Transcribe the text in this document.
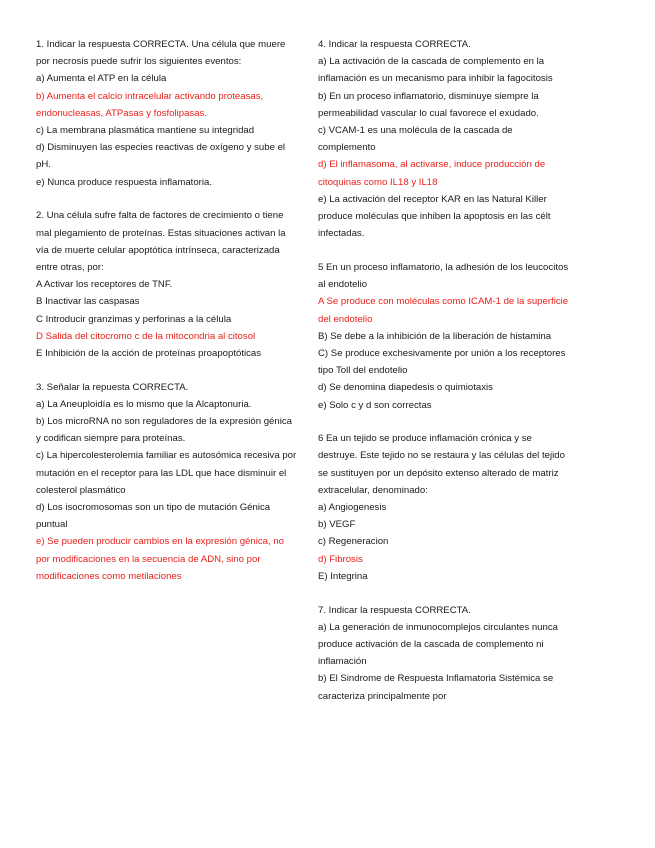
1. Indicar la respuesta CORRECTA. Una célula que muere por necrosis puede sufrir los siguientes eventos:

a) Aumenta el ATP en la célula

b) Aumenta el calcio intracelular activando proteasas, endonucleasas, ATPasas y fosfolipasas.

c) La membrana plasmática mantiene su integridad

d) Disminuyen las especies reactivas de oxígeno y sube el pH.

e) Nunca produce respuesta inflamatoria.

2. Una célula sufre falta de factores de crecimiento o tiene mal plegamiento de proteínas. Estas situaciones activan la vía de muerte celular apoptótica intrínseca, caracterizada entre otras, por:

A Activar los receptores de TNF.

B Inactivar las caspasas

C Introducir granzimas y perforinas a la célula

D Salida del citocromo c de la mitocondria al citosol

E Inhibición de la acción de proteínas proapoptóticas

3. Señalar la repuesta CORRECTA.

a) La Aneuploidía es lo mismo que la Alcaptonuria.

b) Los microRNA no son reguladores de la expresión génica y codifican siempre para proteínas.

c) La hipercolesterolemia familiar es autosómica recesiva por mutación en el receptor para las LDL que hace disminuir el colesterol plasmático

d) Los isocromosomas son un tipo de mutación Génica puntual

e) Se pueden producir cambios en la expresión génica, no por modificaciones en la secuencia de ADN, sino por modificaciones como metilaciones

4. Indicar la respuesta CORRECTA.

a) La activación de la cascada de complemento en la inflamación es un mecanismo para inhibir la fagocitosis

b) En un proceso inflamatorio, disminuye siempre la permeabilidad vascular lo cual favorece el exudado.

c) VCAM-1 es una molécula de la cascada de complemento

d) El inflamasoma, al activarse, induce producción de citoquinas como IL18 y IL18

e) La activación del receptor KAR en las Natural Killer produce moléculas que inhiben la apoptosis en las célt infectadas.

5 En un proceso inflamatorio, la adhesión de los leucocitos al endotelio

A Se produce con moléculas como ICAM-1 de la superficie del endotelio

B) Se debe a la inhibición de la liberación de histamina

C) Se produce exchesivamente por unión a los receptores

tipo Toll del endotelio

d) Se denomina diapedesis o quimiotaxis

e) Solo c y d son correctas

6 Ea un tejido se produce inflamación crónica y se destruye. Este tejido no se restaura y las células del tejido se sustituyen por un depósito extenso alterado de matriz extracelular, denominado:

a) Angiogenesis

b) VEGF

c) Regeneracion

d) Fibrosis

E) Integrina

7. Indicar la respuesta CORRECTA.

a) La generación de inmunocomplejos circulantes nunca produce activación de la cascada de complemento ni inflamación

b) El Sindrome de Respuesta Inflamatoria Sistémica se caracteriza principalmente por
